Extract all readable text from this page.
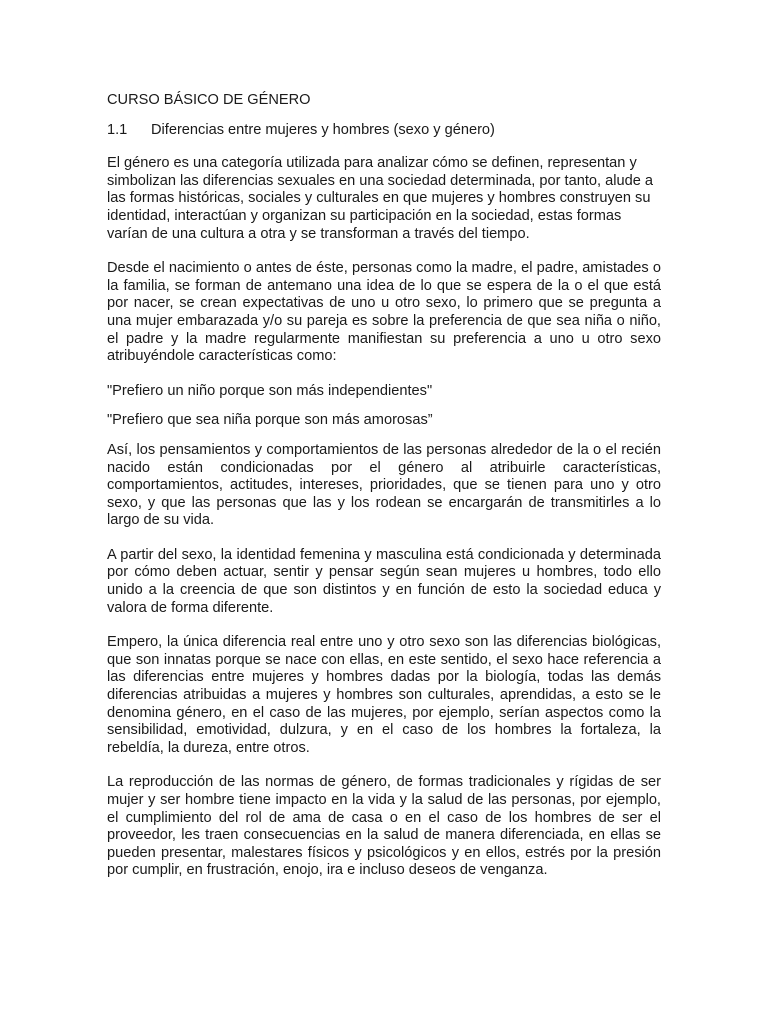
CURSO BÁSICO DE GÉNERO
1.1	Diferencias entre mujeres y hombres (sexo y género)

El género es una categoría utilizada para analizar cómo se definen, representan y simbolizan las diferencias sexuales en una sociedad determinada, por tanto, alude a las formas históricas, sociales y culturales en que mujeres y hombres construyen su identidad, interactúan y organizan su participación en la sociedad, estas formas varían de una cultura a otra y se transforman a través del tiempo.

Desde el nacimiento o antes de éste, personas como la madre, el padre, amistades o la familia, se forman de antemano una idea de lo que se espera de la o el que está por nacer, se crean expectativas de uno u otro sexo, lo primero que se pregunta a una mujer embarazada y/o su pareja es sobre la preferencia de que sea niña o niño, el padre y la madre regularmente manifiestan su preferencia a uno u otro sexo atribuyéndole características como:

"Prefiero un niño porque son más independientes"

"Prefiero que sea niña porque son más amorosas”

Así, los pensamientos y comportamientos de las personas alrededor de la o el recién nacido están condicionadas por el género al atribuirle características, comportamientos, actitudes, intereses, prioridades, que se tienen para uno y otro sexo, y que las personas que las y los rodean se encargarán de transmitirles a lo largo de su vida.

A partir del sexo, la identidad femenina y masculina está condicionada y determinada por cómo deben actuar, sentir y pensar según sean mujeres u hombres, todo ello unido a la creencia de que son distintos y en función de esto la sociedad educa y valora de forma diferente.

Empero, la única diferencia real entre uno y otro sexo son las diferencias biológicas, que son innatas porque se nace con ellas, en este sentido, el sexo hace referencia a las diferencias entre mujeres y hombres dadas por la biología, todas las demás diferencias atribuidas a mujeres y hombres son culturales, aprendidas, a esto se le denomina género, en el caso de las mujeres, por ejemplo, serían aspectos como la sensibilidad, emotividad, dulzura, y en el caso de los hombres la fortaleza, la rebeldía, la dureza, entre otros.

La reproducción de las normas de género, de formas tradicionales y rígidas de ser mujer y ser hombre tiene impacto en la vida y la salud de las personas, por ejemplo, el cumplimiento del rol de ama de casa o en el caso de los hombres de ser el proveedor, les traen consecuencias en la salud de manera diferenciada, en ellas se pueden presentar, malestares físicos y psicológicos y en ellos, estrés por la presión por cumplir, en frustración, enojo, ira e incluso deseos de venganza.
